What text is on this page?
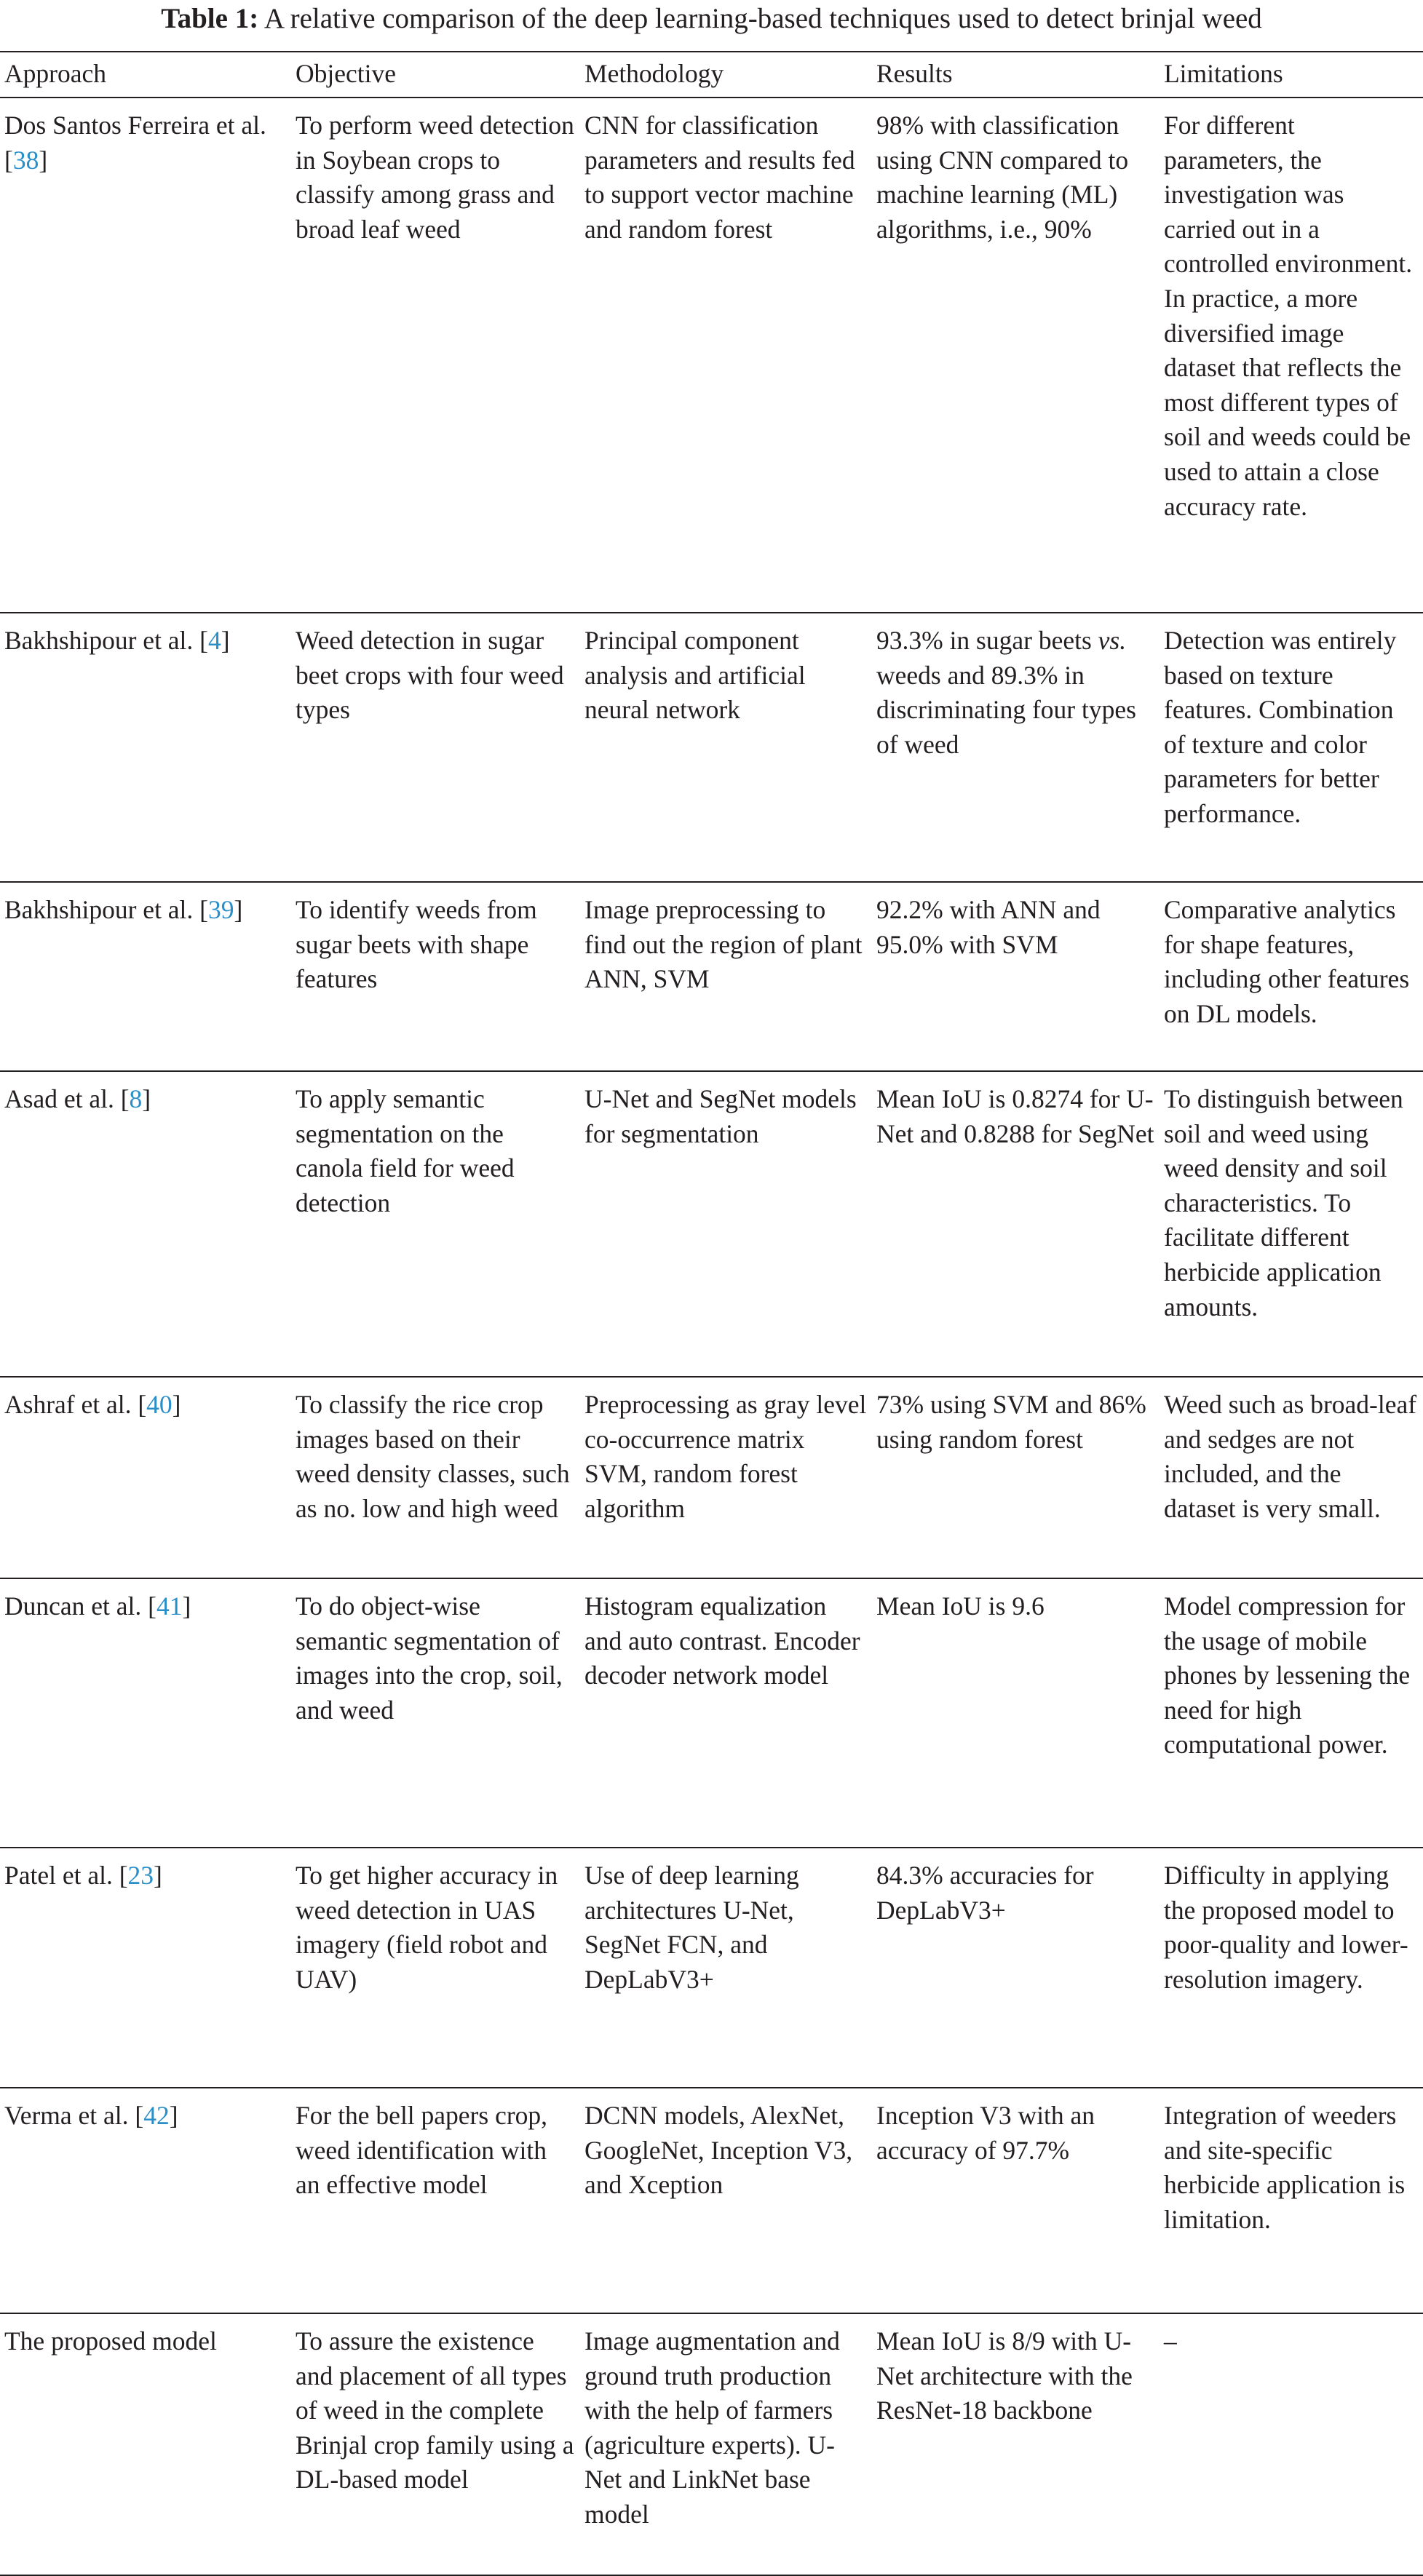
Table 1: A relative comparison of the deep learning-based techniques used to detect brinjal weed
Approach	Objective	Methodology	Results	Limitations
Dos Santos Ferreira et al. [38]	To perform weed detection in Soybean crops to classify among grass and broad leaf weed	CNN for classification parameters and results fed to support vector machine and random forest	98% with classification using CNN compared to machine learning (ML) algorithms, i.e., 90%	For different parameters, the investigation was carried out in a controlled environment. In practice, a more diversified image dataset that reflects the most different types of soil and weeds could be used to attain a close accuracy rate.
Bakhshipour et al. [4]	Weed detection in sugar beet crops with four weed types	Principal component analysis and artificial neural network	93.3% in sugar beets vs. weeds and 89.3% in discriminating four types of weed	Detection was entirely based on texture features. Combination of texture and color parameters for better performance.
Bakhshipour et al. [39]	To identify weeds from sugar beets with shape features	Image preprocessing to find out the region of plant ANN, SVM	92.2% with ANN and 95.0% with SVM	Comparative analytics for shape features, including other features on DL models.
Asad et al. [8]	To apply semantic segmentation on the canola field for weed detection	U-Net and SegNet models for segmentation	Mean IoU is 0.8274 for U-Net and 0.8288 for SegNet	To distinguish between soil and weed using weed density and soil characteristics. To facilitate different herbicide application amounts.
Ashraf et al. [40]	To classify the rice crop images based on their weed density classes, such as no. low and high weed	Preprocessing as gray level co-occurrence matrix SVM, random forest algorithm	73% using SVM and 86% using random forest	Weed such as broad-leaf and sedges are not included, and the dataset is very small.
Duncan et al. [41]	To do object-wise semantic segmentation of images into the crop, soil, and weed	Histogram equalization and auto contrast. Encoder decoder network model	Mean IoU is 9.6	Model compression for the usage of mobile phones by lessening the need for high computational power.
Patel et al. [23]	To get higher accuracy in weed detection in UAS imagery (field robot and UAV)	Use of deep learning architectures U-Net, SegNet FCN, and DepLabV3+	84.3% accuracies for DepLabV3+	Difficulty in applying the proposed model to poor-quality and lower-resolution imagery.
Verma et al. [42]	For the bell papers crop, weed identification with an effective model	DCNN models, AlexNet, GoogleNet, Inception V3, and Xception	Inception V3 with an accuracy of 97.7%	Integration of weeders and site-specific herbicide application is limitation.
The proposed model	To assure the existence and placement of all types of weed in the complete Brinjal crop family using a DL-based model	Image augmentation and ground truth production with the help of farmers (agriculture experts). U-Net and LinkNet base model	Mean IoU is 8/9 with U-Net architecture with the ResNet-18 backbone	–
